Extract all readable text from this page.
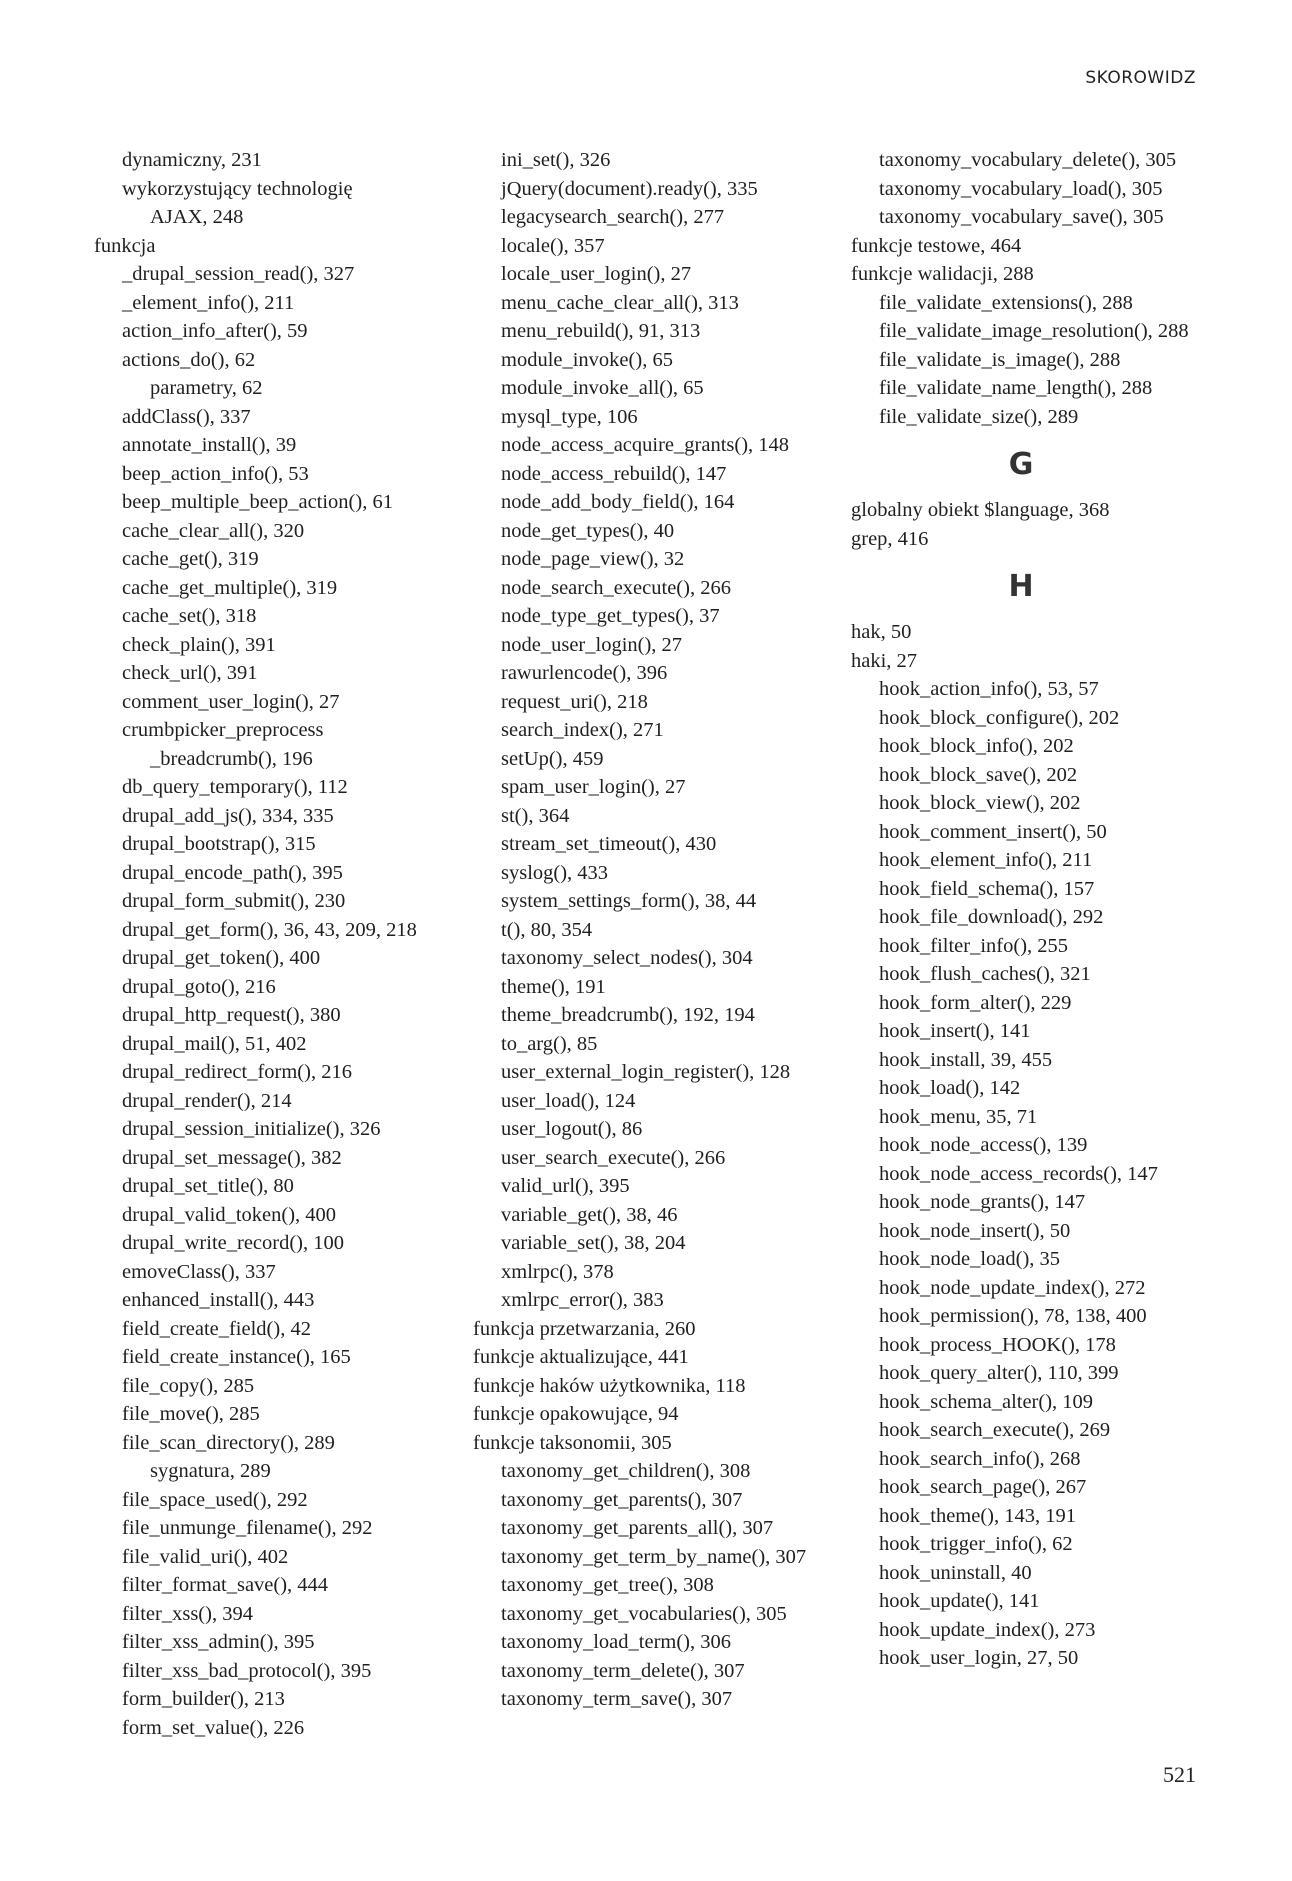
SKOROWIDZ
dynamiczny, 231
wykorzystujący technologię
AJAX, 248
funkcja
_drupal_session_read(), 327
_element_info(), 211
action_info_after(), 59
actions_do(), 62
parametry, 62
addClass(), 337
annotate_install(), 39
beep_action_info(), 53
beep_multiple_beep_action(), 61
cache_clear_all(), 320
cache_get(), 319
cache_get_multiple(), 319
cache_set(), 318
check_plain(), 391
check_url(), 391
comment_user_login(), 27
crumbpicker_preprocess
_breadcrumb(), 196
db_query_temporary(), 112
drupal_add_js(), 334, 335
drupal_bootstrap(), 315
drupal_encode_path(), 395
drupal_form_submit(), 230
drupal_get_form(), 36, 43, 209, 218
drupal_get_token(), 400
drupal_goto(), 216
drupal_http_request(), 380
drupal_mail(), 51, 402
drupal_redirect_form(), 216
drupal_render(), 214
drupal_session_initialize(), 326
drupal_set_message(), 382
drupal_set_title(), 80
drupal_valid_token(), 400
drupal_write_record(), 100
emoveClass(), 337
enhanced_install(), 443
field_create_field(), 42
field_create_instance(), 165
file_copy(), 285
file_move(), 285
file_scan_directory(), 289
sygnatura, 289
file_space_used(), 292
file_unmunge_filename(), 292
file_valid_uri(), 402
filter_format_save(), 444
filter_xss(), 394
filter_xss_admin(), 395
filter_xss_bad_protocol(), 395
form_builder(), 213
form_set_value(), 226
ini_set(), 326
jQuery(document).ready(), 335
legacysearch_search(), 277
locale(), 357
locale_user_login(), 27
menu_cache_clear_all(), 313
menu_rebuild(), 91, 313
module_invoke(), 65
module_invoke_all(), 65
mysql_type, 106
node_access_acquire_grants(), 148
node_access_rebuild(), 147
node_add_body_field(), 164
node_get_types(), 40
node_page_view(), 32
node_search_execute(), 266
node_type_get_types(), 37
node_user_login(), 27
rawurlencode(), 396
request_uri(), 218
search_index(), 271
setUp(), 459
spam_user_login(), 27
st(), 364
stream_set_timeout(), 430
syslog(), 433
system_settings_form(), 38, 44
t(), 80, 354
taxonomy_select_nodes(), 304
theme(), 191
theme_breadcrumb(), 192, 194
to_arg(), 85
user_external_login_register(), 128
user_load(), 124
user_logout(), 86
user_search_execute(), 266
valid_url(), 395
variable_get(), 38, 46
variable_set(), 38, 204
xmlrpc(), 378
xmlrpc_error(), 383
funkcja przetwarzania, 260
funkcje aktualizujące, 441
funkcje haków użytkownika, 118
funkcje opakowujące, 94
funkcje taksonomii, 305
taxonomy_get_children(), 308
taxonomy_get_parents(), 307
taxonomy_get_parents_all(), 307
taxonomy_get_term_by_name(), 307
taxonomy_get_tree(), 308
taxonomy_get_vocabularies(), 305
taxonomy_load_term(), 306
taxonomy_term_delete(), 307
taxonomy_term_save(), 307
taxonomy_vocabulary_delete(), 305
taxonomy_vocabulary_load(), 305
taxonomy_vocabulary_save(), 305
funkcje testowe, 464
funkcje walidacji, 288
file_validate_extensions(), 288
file_validate_image_resolution(), 288
file_validate_is_image(), 288
file_validate_name_length(), 288
file_validate_size(), 289
G
globalny obiekt $language, 368
grep, 416
H
hak, 50
haki, 27
hook_action_info(), 53, 57
hook_block_configure(), 202
hook_block_info(), 202
hook_block_save(), 202
hook_block_view(), 202
hook_comment_insert(), 50
hook_element_info(), 211
hook_field_schema(), 157
hook_file_download(), 292
hook_filter_info(), 255
hook_flush_caches(), 321
hook_form_alter(), 229
hook_insert(), 141
hook_install, 39, 455
hook_load(), 142
hook_menu, 35, 71
hook_node_access(), 139
hook_node_access_records(), 147
hook_node_grants(), 147
hook_node_insert(), 50
hook_node_load(), 35
hook_node_update_index(), 272
hook_permission(), 78, 138, 400
hook_process_HOOK(), 178
hook_query_alter(), 110, 399
hook_schema_alter(), 109
hook_search_execute(), 269
hook_search_info(), 268
hook_search_page(), 267
hook_theme(), 143, 191
hook_trigger_info(), 62
hook_uninstall, 40
hook_update(), 141
hook_update_index(), 273
hook_user_login, 27, 50
521
